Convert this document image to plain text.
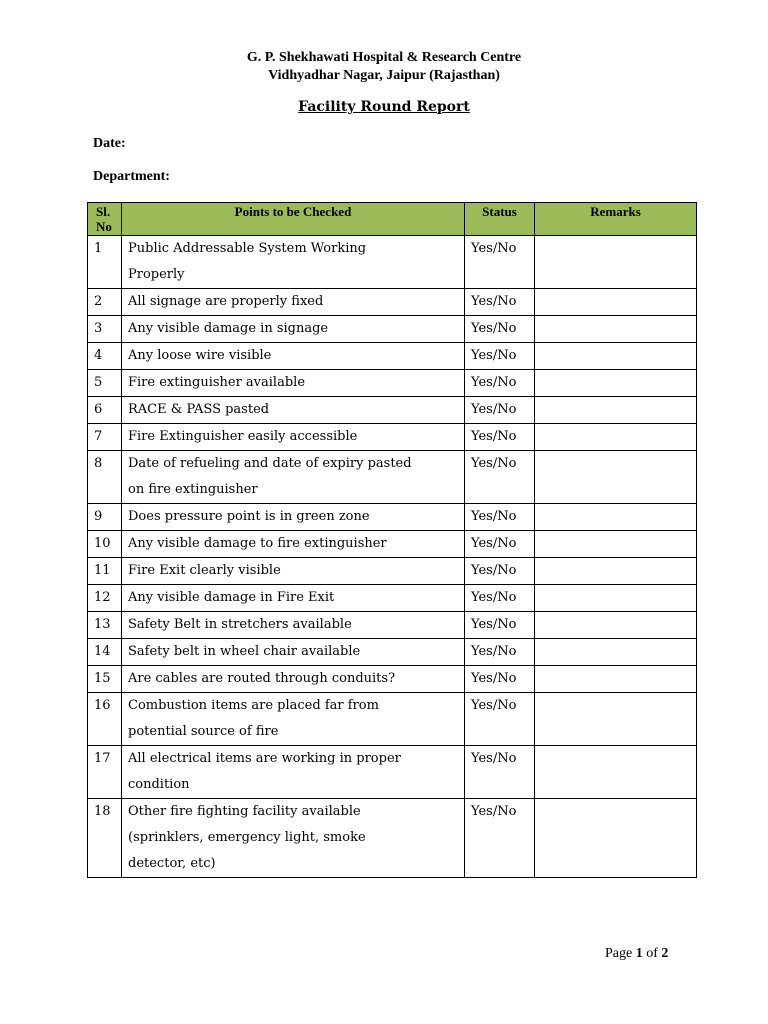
G. P. Shekhawati Hospital & Research Centre
Vidhyadhar Nagar, Jaipur (Rajasthan)
Facility Round Report
Date:
Department:
Sl.
No	Points to be Checked	Status	Remarks
1	Public Addressable System Working
Properly	Yes/No	
2	All signage are properly fixed	Yes/No	
3	Any visible damage in signage	Yes/No	
4	Any loose wire visible	Yes/No	
5	Fire extinguisher available	Yes/No	
6	RACE & PASS pasted	Yes/No	
7	Fire Extinguisher easily accessible	Yes/No	
8	Date of refueling and date of expiry pasted
on fire extinguisher	Yes/No	
9	Does pressure point is in green zone	Yes/No	
10	Any visible damage to fire extinguisher	Yes/No	
11	Fire Exit clearly visible	Yes/No	
12	Any visible damage in Fire Exit	Yes/No	
13	Safety Belt in stretchers available	Yes/No	
14	Safety belt in wheel chair available	Yes/No	
15	Are cables are routed through conduits?	Yes/No	
16	Combustion items are placed far from
potential source of fire	Yes/No	
17	All electrical items are working in proper
condition	Yes/No	
18	Other fire fighting facility available
(sprinklers, emergency light, smoke
detector, etc)	Yes/No	
Page 1 of 2
